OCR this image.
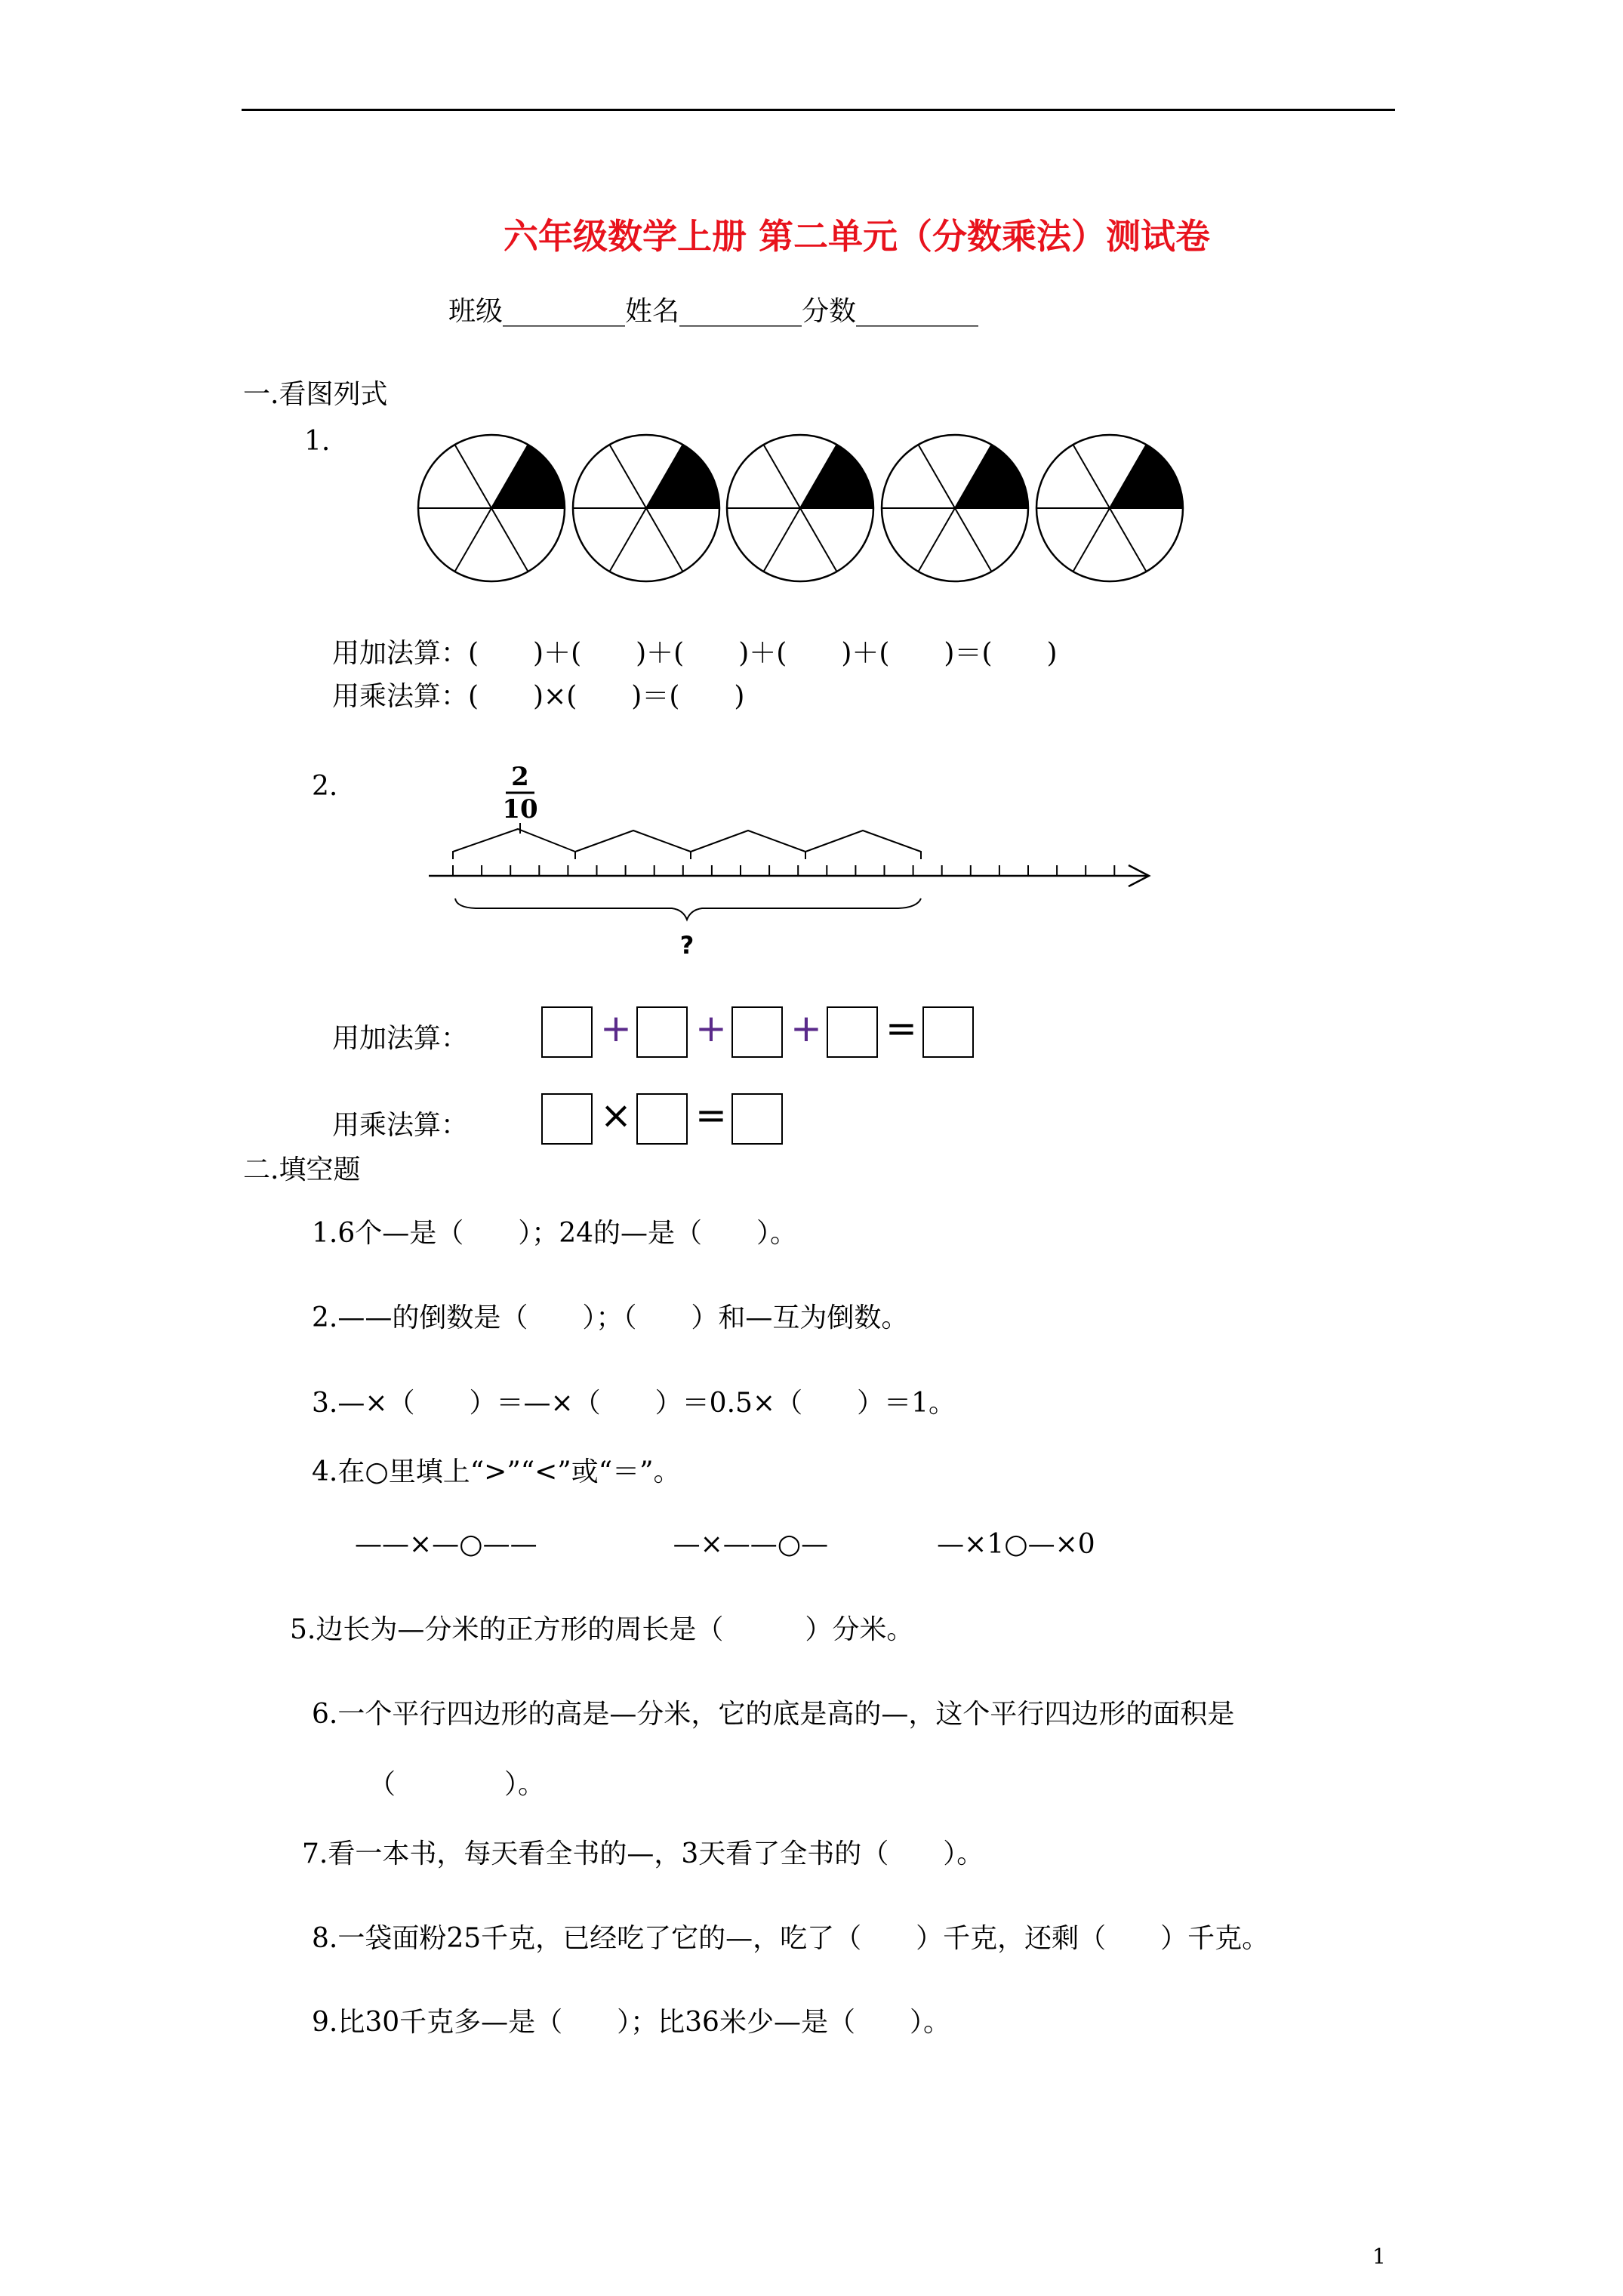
六年级数学上册 第二单元（分数乘法）测试卷
班级_________姓名_________分数_________
一.看图列式
1.
用加法算：(　　)＋(　　)＋(　　)＋(　　)＋(　　)＝(　　)
用乘法算：(　　)×(　　)＝(　　)
2.	2
10
?
用加法算：	+ + + =
用乘法算：	× =
二.填空题
1.6个—是（　　）；24的—是（　　）。
2.——的倒数是（　　）；（　　）和—互为倒数。
3.—×（　　）＝—×（　　）＝0.5×（　　）＝1。
4.在○里填上“>”“<”或“＝”。
——×—○——　　　　　—×——○—　　　　—×1○—×0
5.边长为—分米的正方形的周长是（　　　）分米。
6.一个平行四边形的高是—分米，它的底是高的—，这个平行四边形的面积是
（　　　　）。
7.看一本书，每天看全书的—，3天看了全书的（　　）。
8.一袋面粉25千克，已经吃了它的—，吃了（　　）千克，还剩（　　）千克。
9.比30千克多—是（　　）；比36米少—是（　　）。
1
